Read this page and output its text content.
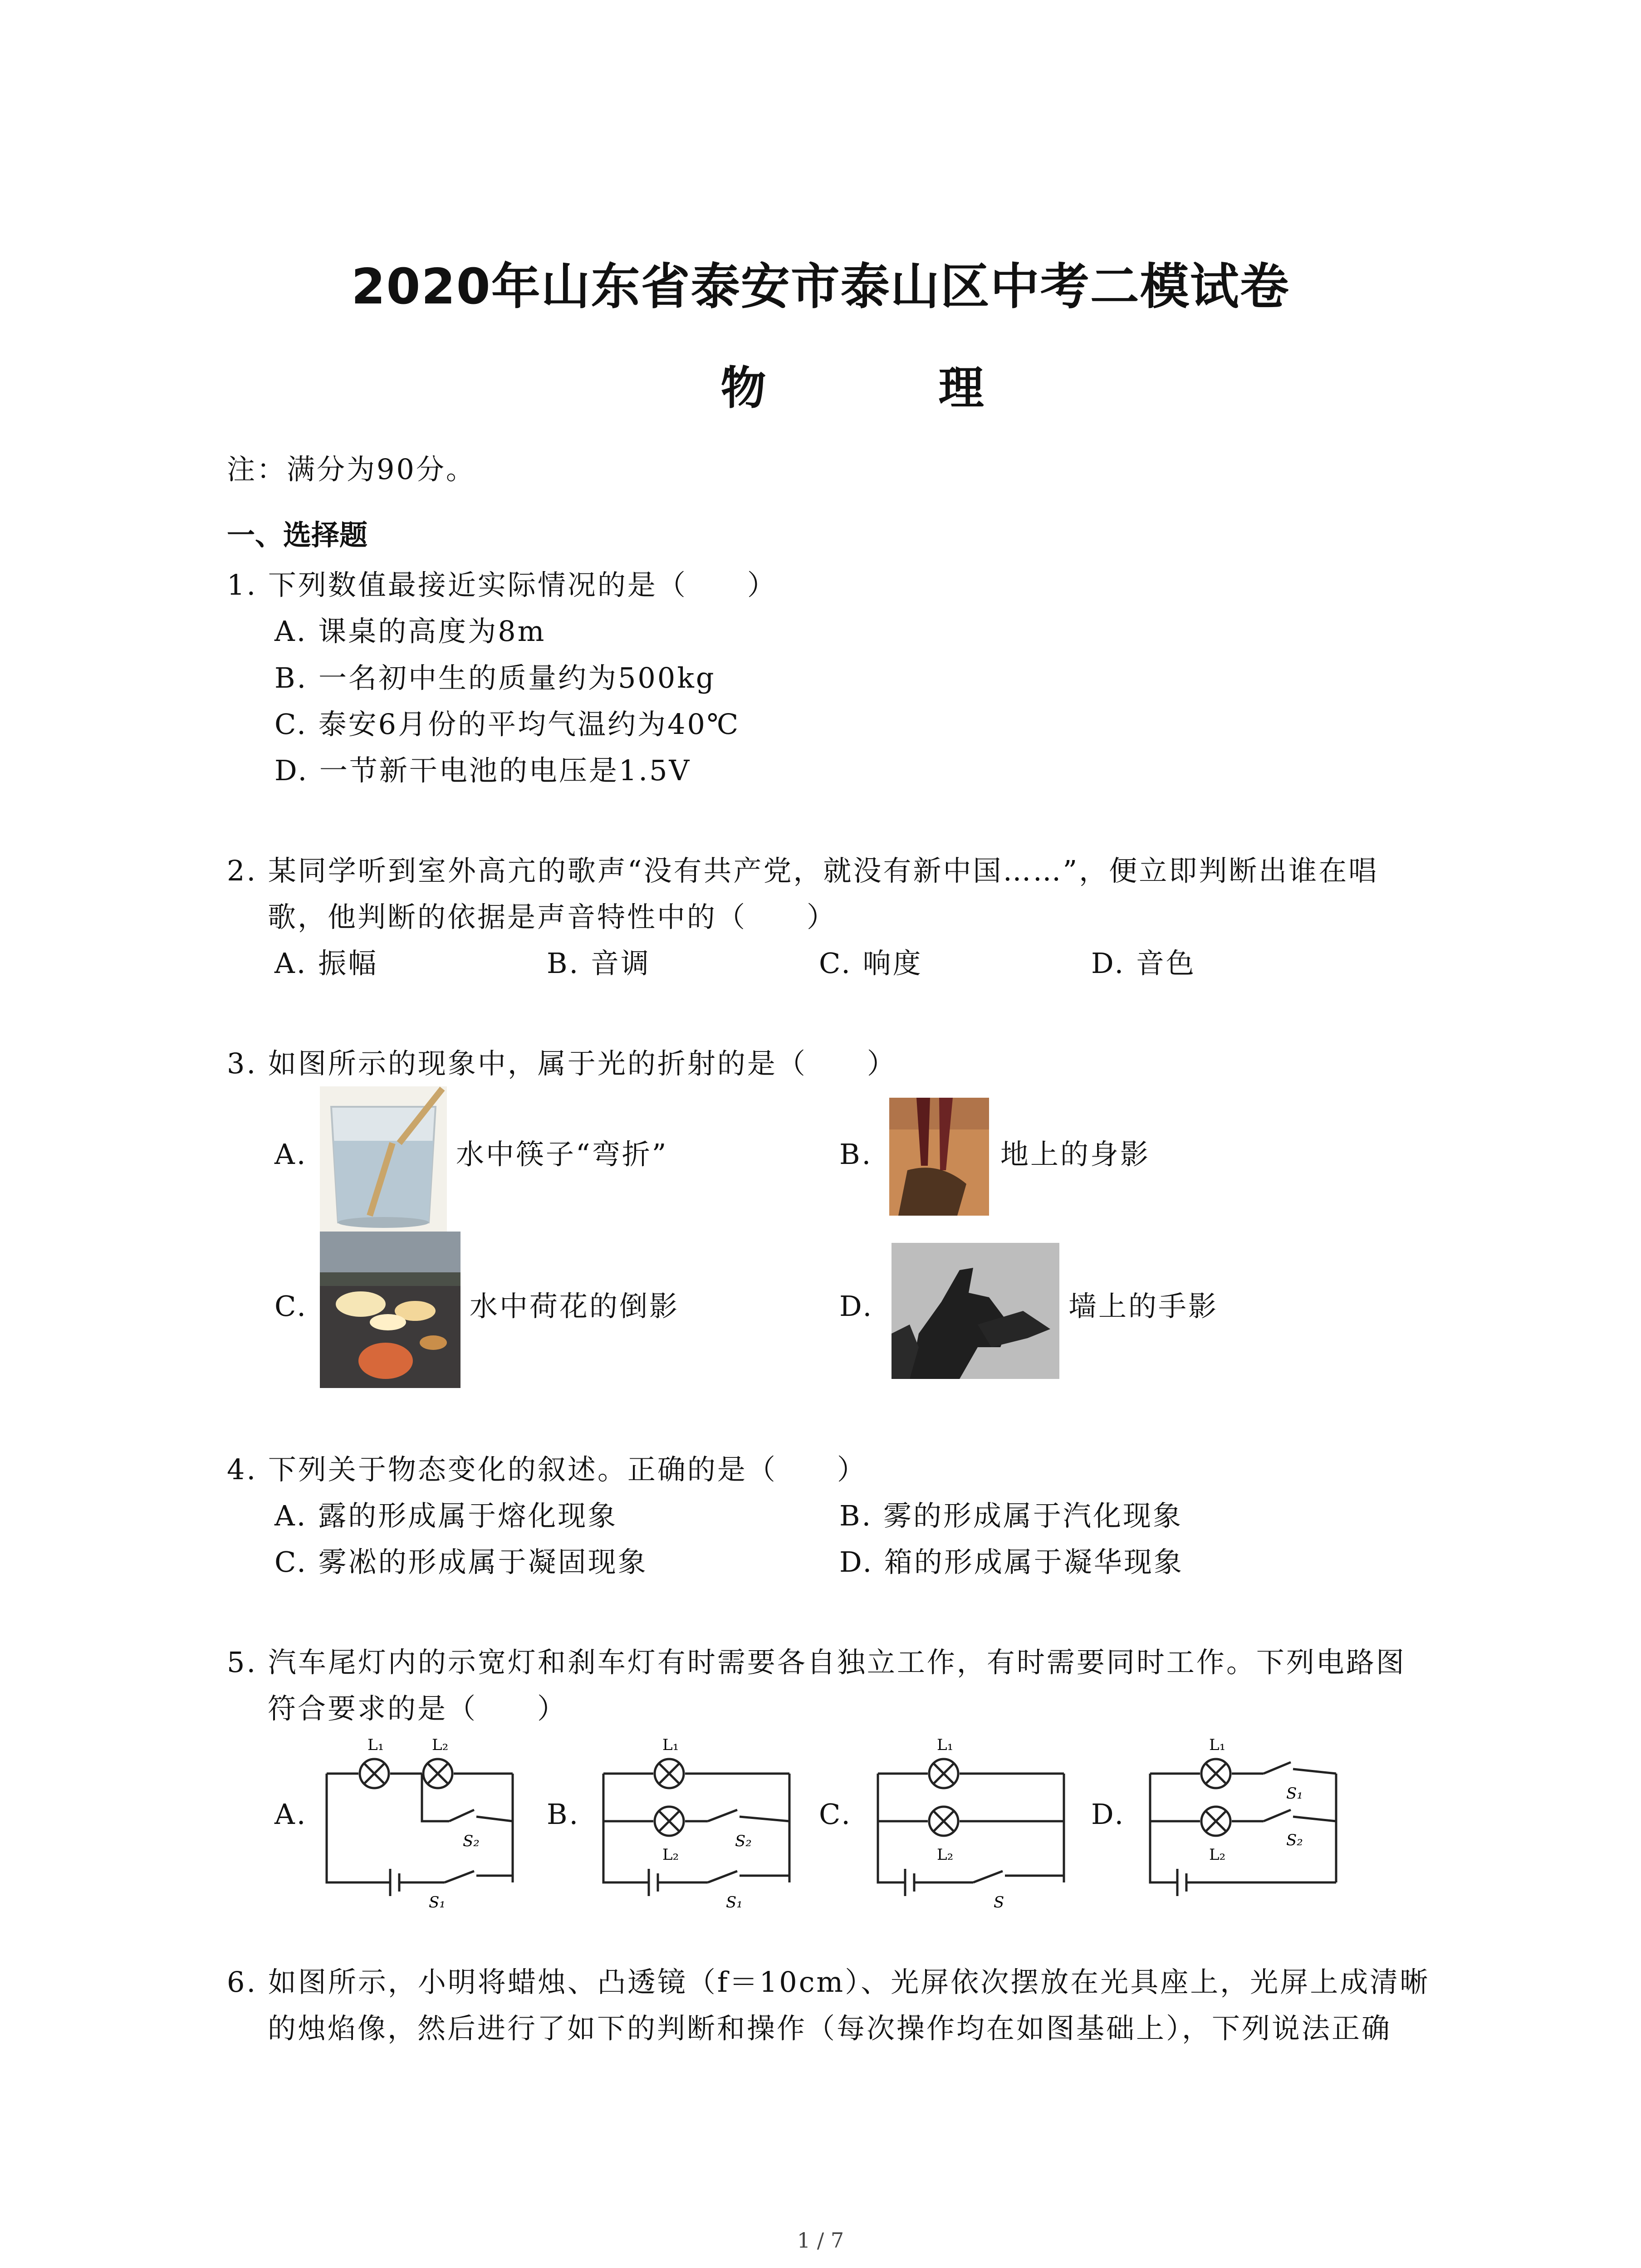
2020年山东省泰安市泰山区中考二模试卷
物　理
注：满分为90分。
一、选择题
1. 下列数值最接近实际情况的是（　　）
A. 课桌的高度为8m
B. 一名初中生的质量约为500kg
C. 泰安6月份的平均气温约为40℃
D. 一节新干电池的电压是1.5V
2. 某同学听到室外高亢的歌声“没有共产党，就没有新中国……”，便立即判断出谁在唱
歌，他判断的依据是声音特性中的（　　）
A. 振幅	B. 音调	C. 响度	D. 音色
3. 如图所示的现象中，属于光的折射的是（　　）
A.	水中筷子“弯折”	B.	地上的身影
C.	水中荷花的倒影	D.	墙上的手影
4. 下列关于物态变化的叙述。正确的是（　　）
A. 露的形成属于熔化现象	B. 雾的形成属于汽化现象
C. 雾凇的形成属于凝固现象	D. 箱的形成属于凝华现象
5. 汽车尾灯内的示宽灯和刹车灯有时需要各自独立工作，有时需要同时工作。下列电路图
符合要求的是（　　）
A.
L₁	L₂
S₂
S₁
B.
L₁
L₂
S₂
S₁
C.
L₁
L₂
S
D.
L₁
L₂
S₁
S₂
6. 如图所示，小明将蜡烛、凸透镜（f＝10cm）、光屏依次摆放在光具座上，光屏上成清晰
的烛焰像，然后进行了如下的判断和操作（每次操作均在如图基础上），下列说法正确
1 / 7
